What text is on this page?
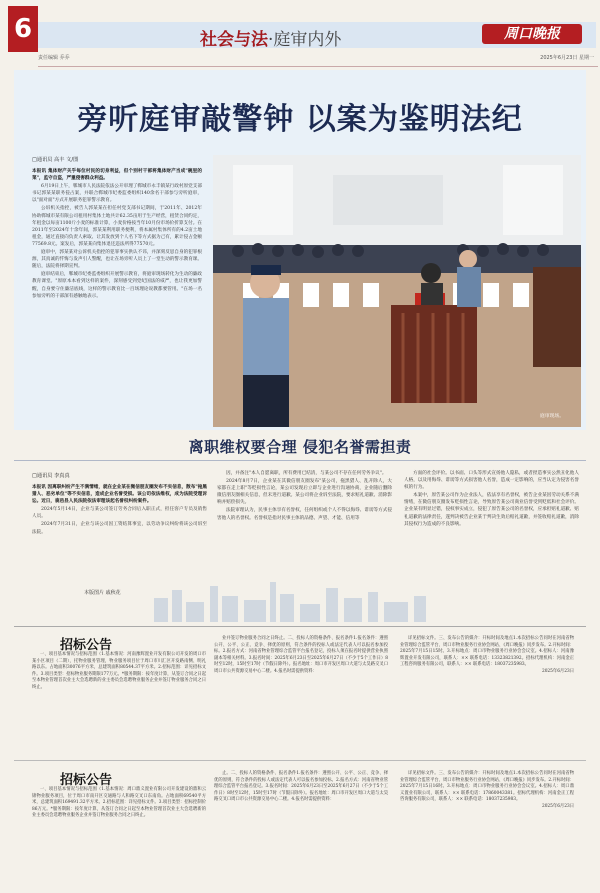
6	社会与法·庭审内外	周口晚报
责任编辑 乔乔	2025年6月23日 星期一
旁听庭审敲警钟 以案为鉴明法纪
□通讯员 高丰 文/图

本报讯 集体财产关乎每位村民的切身利益，但个别村干部将集体财产当成"碗里的菜"，监守自盗，严重侵害群众利益。

6月19日上午，郸城市人民法院依法公开审理了郸城市永丰镇某行政村原党支部书记郭某某职务侵占案，并联合郸城市纪委监委组织140余名干部参与旁听庭审，以"面对面"方式开展职务犯罪警示教育。

公诉机关指控，被告人郭某某在担任村党支部书记期间，于2011年、2012年协助郸城市某有限公司租用村集体土地共计62.35亩用于生产经营，租赁合同约定，年租金以每亩1100斤小麦的标准计算，小麦价格按当年10月份市场价折算支付。在2011年至2024年十余年间，郭某某利用职务便利，将本属村集体所有的4.2亩土地租金，通过直接向负责人索取、让其发放到个人名下等方式据为己有，累计侵占金额77569.8元。案发后，郭某某向集体退还违法所得77570元。

庭审中，郭某某对公诉机关指控的犯罪事实供认不讳，并深刻反思自身的犯罪根源，其真诚的忏悔与发声引人警醒，也让在场旁听人员上了一堂生动的警示教育课。随后，法院将择期宣判。

庭审结束后，郸城市纪委监委组织开展警示教育，将庭审现场转化为生动的廉政教育课堂。"原原本本看到这样的案件，深刻感受到党纪国法的威严，也让我更加警醒，自身要守住廉洁底线，这样的警示教育比一百场理论说教都要管用。"在场一名参加旁听的干部深有感触地表示。

庭审现场。
离职维权要合理 侵犯名誉需担责
□通讯员 李真真

本报讯 因离职纠纷产生不满情绪，就在企业某在微信朋友圈发布不实信息，散布"拖黑猎人、恶劣单位"等不实信息，造成企业名誉受损。该公司依法维权，成为法院受理诉讼。近日，鹿邑县人民法院依法审理该起名誉权纠纷案件。

2024年5月14日，企业与某公司签订劳务合同后入职正式，担任客户专员及销售人员。

2024年7月31日，企业与该公司因工资结算事宜，以劳动争议纠纷将该公司诉至法院。

因，并备注"本人自愿离职，所有费用已结清，与某公司不存在任何劳务争议"。

2024年8月7日，企业某在其微信朋友圈发布"某公司，拖黑猎人、乱开除人，大家都在走上职"等贬损性言论，某公司发现后立即与企业进行沟通协商，企业随后删除微信朋友圈相关信息，但未进行道歉。某公司将企业诉至法院，要求赔礼道歉、消除影响并赔偿损失。

法院审理认为，民事主体享有名誉权，任何组织或个人不得以侮辱、诽谤等方式侵害他人的名誉权。名誉权是指对民事主体的品德、声望、才能、信用等

方面的社会评价。以书面、口头等形式宣扬他人隐私，或者捏造事实公然丑化他人人格，以及用侮辱、诽谤等方式损害他人名誉，造成一定影响的，应当认定为侵害名誉权的行为。

本案中，原告某公司作为企业法人，依法享有名誉权，被告企业某因劳动关系不满情绪，在微信朋友圈发布贬损性言论，导致原告某公司商业信誉受到贬低和社会评价。企业某有明显过错，侵权事实成立，侵犯了原告某公司的名誉权，应承担赔礼道歉、赔礼道歉的法律责任，遂判决被告企业某于判决生效后赔礼道歉，并签收赔礼道歉，消除其侵权行为造成的不良影响。

本版图片 戚秋花
招标公告

一、项目基本情况与招标范围（1.基本情况：河南豫辉置业开发有限公司开发的周口市某小区项目（二期），托物业服务管理，物业服务项目位于周口市川汇区开发路南侧、明礼路以东。占地面积30076平方米，总建筑面积80544.37平方米。2.招标范围：详见招标文件。3.项目类型：招标物业服务期限177万元。*服务期限：按年度计算，从签订合同之日起至本物业管理首次业主大会选聘新的业主委员会选聘物业服务企业并签订物业服务合同之日终止。

业并签订物业服务合同之日终止。二、投标人的资格条件、报名条件1.报名条件：遵照公开、公平、公正、竞争、择优的原则，符合条件的投标人或法定代表人可以报名参加投标。2.报名方式：河南省物业管理综合监管平台报名登记，投标人须在报名时提供营业执照副本等相关材料。3.报名时间：2025年6月23日至2025年6月27日（不少于5个工作日）8时至12时，15时至17时（节假日除外）。报名地址：周口市开发区周口大道与太昊路交叉口周口市公共资源交易中心二楼。4.报名时需提供资料：

详见招标文件。三、发布公告的媒介：开标时间及地点1.本次招标公告同时在河南省物业管理综合监管平台、周口市物业服务行业协会网站、《周口晚报》同步发布。2.开标时间：2025年7月15日15时。3.开标地点：周口市物业服务行业协会会议室。4.招标人：河南豫辉置业开发有限公司，联系人：×× 联系电话：13323821392。招标代理机构：河南金正工程咨询服务有限公司，联系人：×× 联系电话：18037235983。

2025年6月23日
招标公告

一、项目基本情况与招标范围（1.基本情况：周口鼎义置业有限公司开发建设的鼎和云锦物业服务项目，位于周口市南开区交通路与人和路交叉口东南角。占地面积69540平方米，总建筑面积169491.32平方米。2.招标范围：详见招标文件。3.项目类型：招标控制价86万元。*服务期限：按年度计算，从签订合同之日起至本物业管理首次业主大会选聘新的业主委员会选聘物业服务企业并签订物业服务合同之日终止。

止。二、投标人的资格条件、报名条件1.报名条件：遵照公开、公平、公正、竞争、择优的原则，符合条件的投标人或法定代表人可以报名参加投标。2.报名方式：河南省物业管理综合监管平台报名登记。3.报名时间：2025年6月23日至2025年6月27日（不少于5个工作日）8时至12时，15时至17时（节假日除外）。报名地址：周口市开发区周口大道与太昊路交叉口周口市公共资源交易中心二楼。4.报名时需提供资料：

详见招标文件。三、发布公告的媒介：开标时间及地点1.本次招标公告同时在河南省物业管理综合监管平台、周口市物业服务行业协会网站、《周口晚报》同步发布。2.开标时间：2025年7月15日16时。3.开标地点：周口市物业服务行业协会会议室。4.招标人：周口鼎义置业有限公司，联系人：×× 联系电话：17860043381。招标代理机构：河南金正工程咨询服务有限公司，联系人：×× 联系电话：18037235983。

2025年6月23日
